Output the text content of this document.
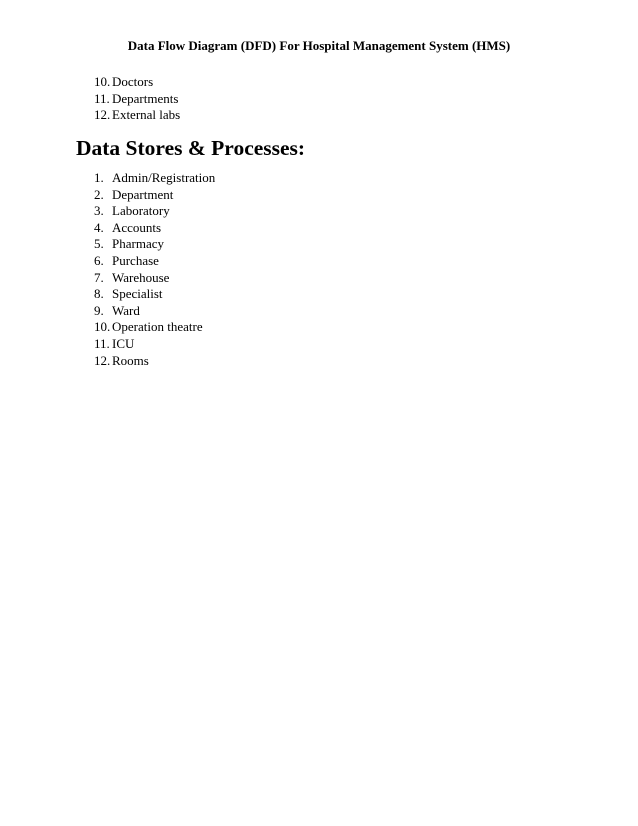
Data Flow Diagram (DFD) For Hospital Management System (HMS)
10. Doctors
11. Departments
12. External labs
Data Stores & Processes:
1. Admin/Registration
2. Department
3. Laboratory
4. Accounts
5. Pharmacy
6. Purchase
7. Warehouse
8. Specialist
9. Ward
10. Operation theatre
11. ICU
12. Rooms
